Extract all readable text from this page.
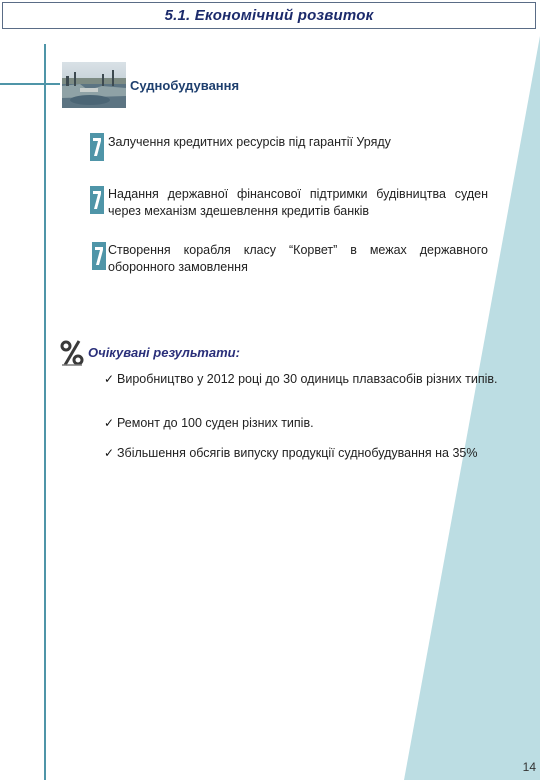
5.1. Економічний розвиток
Суднобудування
Залучення кредитних ресурсів під гарантії Уряду
Надання державної фінансової підтримки будівництва суден через механізм здешевлення кредитів банків
Створення корабля класу “Корвет” в межах державного оборонного замовлення
Очікувані результати:
✓ Виробництво у 2012 році до 30 одиниць плавзасобів різних типів.
✓ Ремонт до 100 суден різних типів.
✓ Збільшення обсягів випуску продукції суднобудування на 35%
14
